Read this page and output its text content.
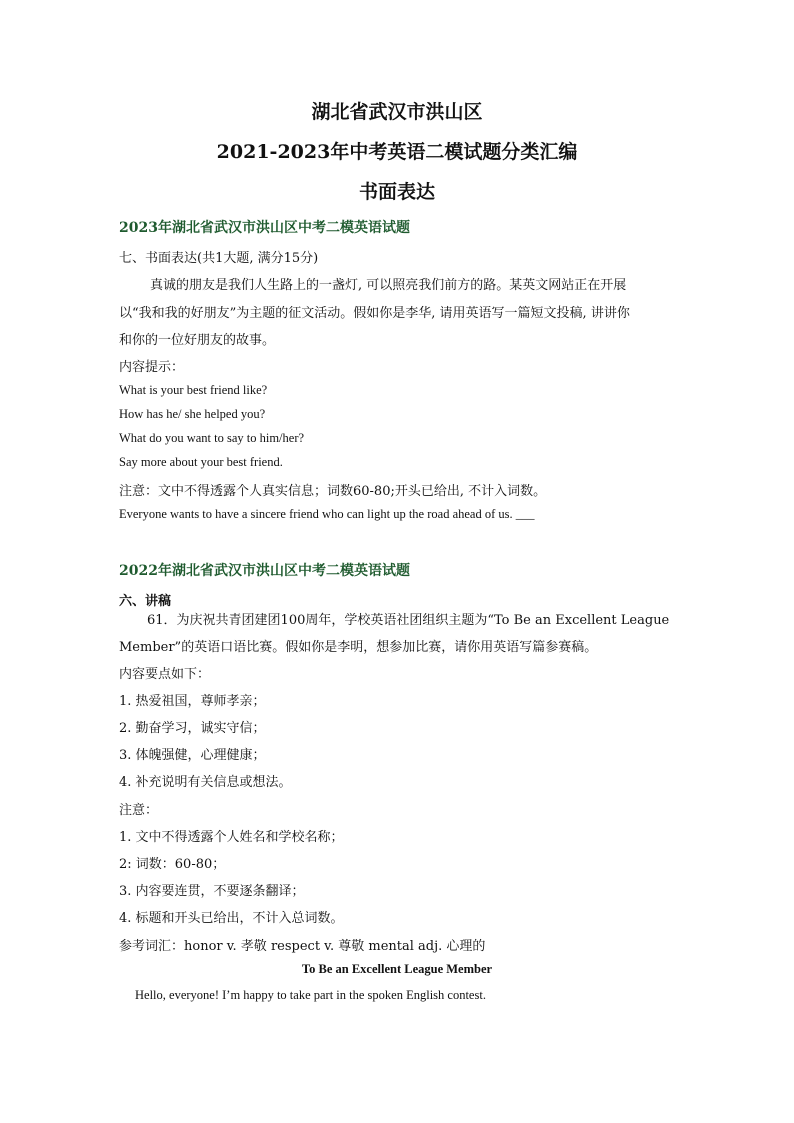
湖北省武汉市洪山区
2021-2023年中考英语二模试题分类汇编
书面表达
2023年湖北省武汉市洪山区中考二模英语试题
七、书面表达(共1大题, 满分15分)
真诚的朋友是我们人生路上的一盏灯, 可以照亮我们前方的路。某英文网站正在开展
以“我和我的好朋友”为主题的征文活动。假如你是李华, 请用英语写一篇短文投稿, 讲讲你
和你的一位好朋友的故事。
内容提示：
What is your best friend like?
How has he/ she helped you?
What do you want to say to him/her?
Say more about your best friend.
注意：文中不得透露个人真实信息；词数60-80;开头已给出, 不计入词数。
Everyone wants to have a sincere friend who can light up the road ahead of us. ___
2022年湖北省武汉市洪山区中考二模英语试题
六、讲稿
61．为庆祝共青团建团100周年，学校英语社团组织主题为“To Be an Excellent League
Member”的英语口语比赛。假如你是李明，想参加比赛，请你用英语写篇参赛稿。
内容要点如下：
1. 热爱祖国，尊师孝亲；
2. 勤奋学习，诚实守信；
3. 体魄强健，心理健康；
4. 补充说明有关信息或想法。
注意：
1. 文中不得透露个人姓名和学校名称；
2: 词数：60-80；
3. 内容要连贯，不要逐条翻译；
4. 标题和开头已给出，不计入总词数。
参考词汇：honor v. 孝敬 respect v. 尊敬 mental adj. 心理的
To Be an Excellent League Member
Hello, everyone! I’m happy to take part in the spoken English contest.
